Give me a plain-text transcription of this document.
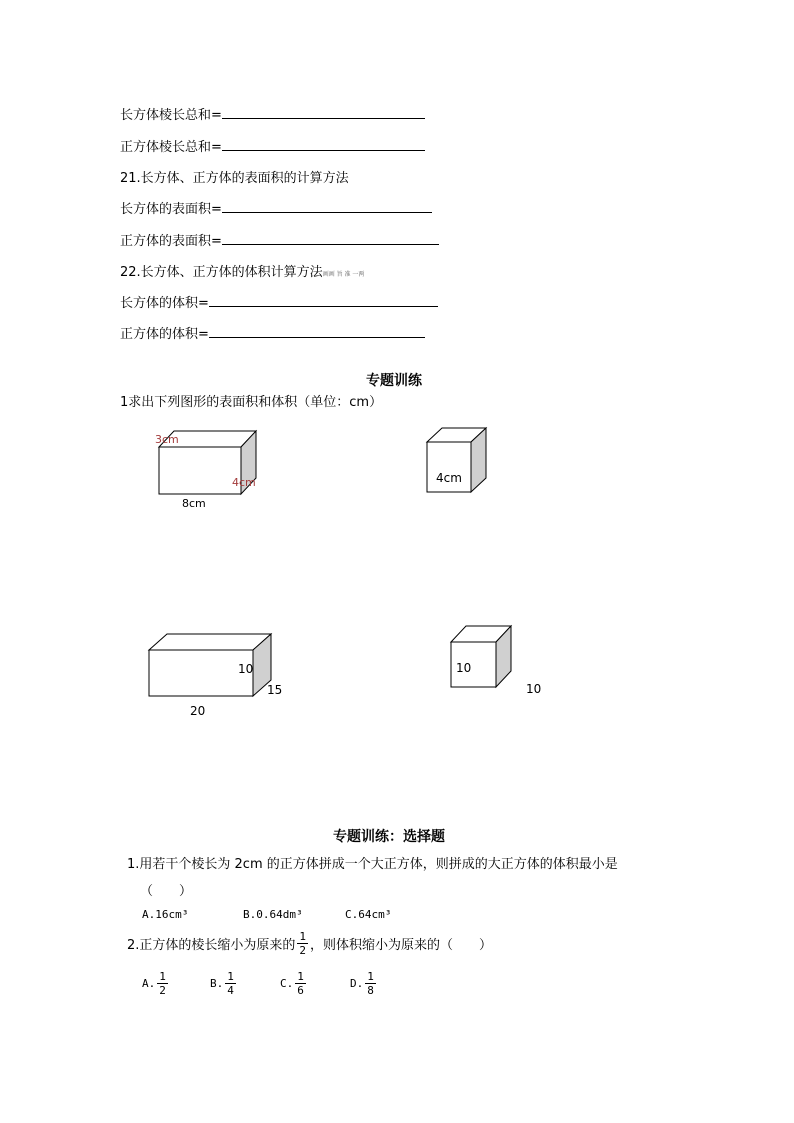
长方体棱长总和=
正方体棱长总和=
21.长方体、正方体的表面积的计算方法
长方体的表面积=
正方体的表面积=
22.长方体、正方体的体积计算方法画画 旨 准 一两
长方体的体积=
正方体的体积=
专题训练
1求出下列图形的表面积和体积（单位：cm）
3cm
4cm
8cm
4cm
10
15
20
10
10
专题训练：选择题
1.用若干个棱长为 2cm 的正方体拼成一个大正方体，则拼成的大正方体的体积最小是
（　　）
A.16cm³	B.0.64dm³	C.64cm³
2.正方体的棱长缩小为原来的 $\frac{1}{2}$ ，则体积缩小为原来的（　　）
A. $\frac{1}{2}$	B. $\frac{1}{4}$	C. $\frac{1}{6}$	D. $\frac{1}{8}$
